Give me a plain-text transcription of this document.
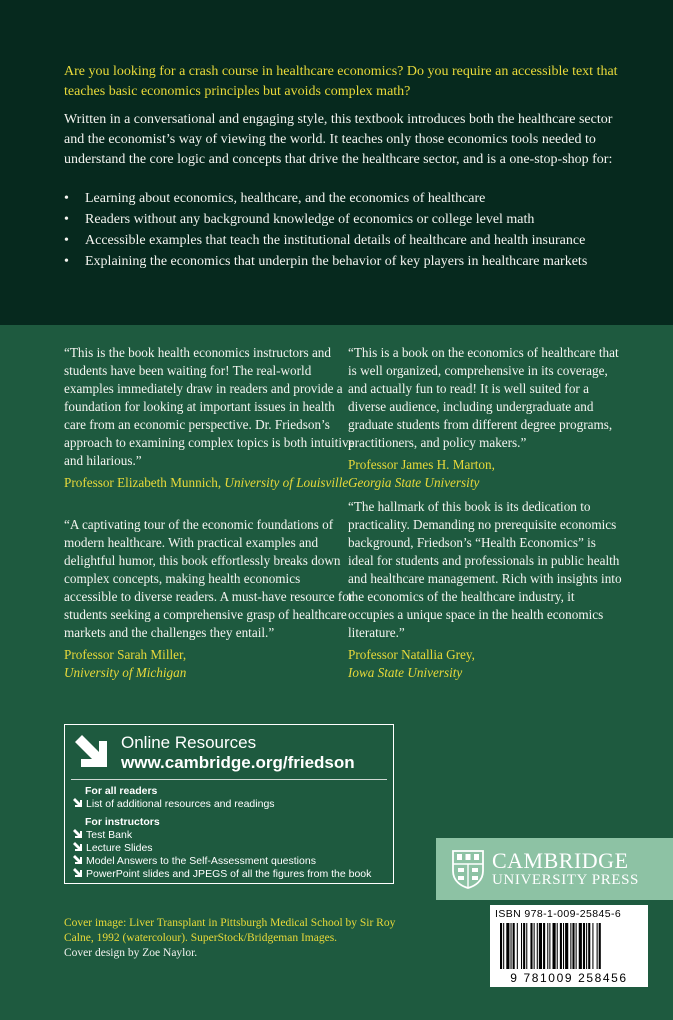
Are you looking for a crash course in healthcare economics? Do you require an accessible text that teaches basic economics principles but avoids complex math?

Written in a conversational and engaging style, this textbook introduces both the healthcare sector and the economist’s way of viewing the world. It teaches only those economics tools needed to understand the core logic and concepts that drive the healthcare sector, and is a one-stop-shop for:

• Learning about economics, healthcare, and the economics of healthcare
• Readers without any background knowledge of economics or college level math
• Accessible examples that teach the institutional details of healthcare and health insurance
• Explaining the economics that underpin the behavior of key players in healthcare markets

“This is the book health economics instructors and students have been waiting for! The real-world examples immediately draw in readers and provide a foundation for looking at important issues in health care from an economic perspective. Dr. Friedson’s approach to examining complex topics is both intuitive and hilarious.”

Professor Elizabeth Munnich, University of Louisville

“A captivating tour of the economic foundations of modern healthcare. With practical examples and delightful humor, this book effortlessly breaks down complex concepts, making health economics accessible to diverse readers. A must-have resource for students seeking a comprehensive grasp of healthcare markets and the challenges they entail.”

Professor Sarah Miller,
University of Michigan

“This is a book on the economics of healthcare that is well organized, comprehensive in its coverage, and actually fun to read! It is well suited for a diverse audience, including undergraduate and graduate students from different degree programs, practitioners, and policy makers.”

Professor James H. Marton,
Georgia State University

“The hallmark of this book is its dedication to practicality. Demanding no prerequisite economics background, Friedson’s “Health Economics” is ideal for students and professionals in public health and healthcare management. Rich with insights into the economics of the healthcare industry, it occupies a unique space in the health economics literature.”

Professor Natallia Grey,
Iowa State University

Online Resources
www.cambridge.org/friedson
For all readers
List of additional resources and readings
For instructors
Test Bank
Lecture Slides
Model Answers to the Self-Assessment questions
PowerPoint slides and JPEGS of all the figures from the book
Cover image: Liver Transplant in Pittsburgh Medical School by Sir Roy Calne, 1992 (watercolour). SuperStock/Bridgeman Images.
Cover design by Zoe Naylor.
CAMBRIDGE
UNIVERSITY PRESS
ISBN 978-1-009-25845-6
9 781009 258456
